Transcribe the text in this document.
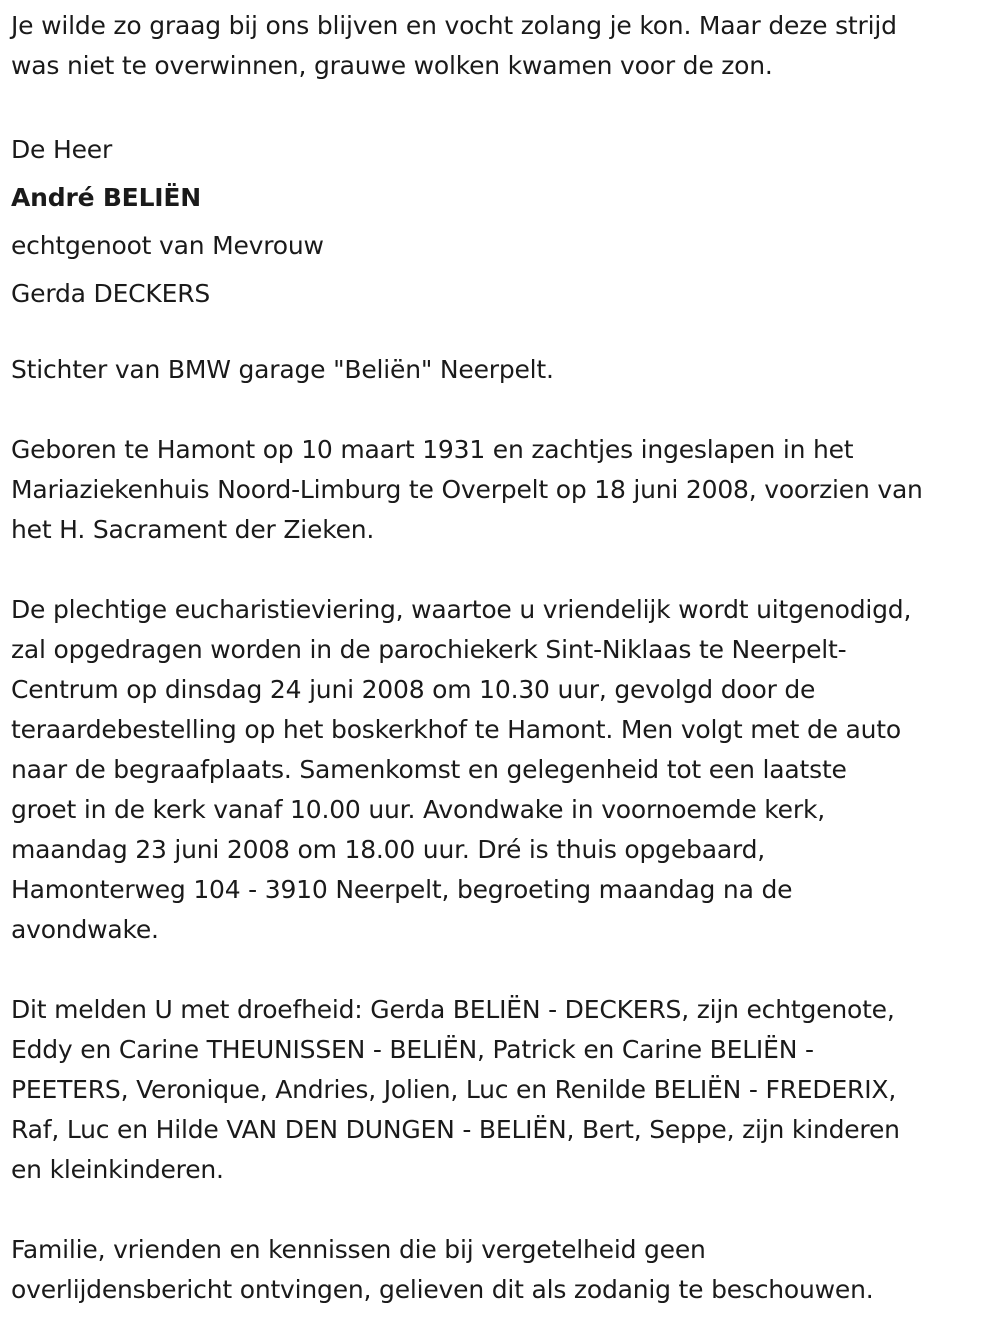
Je wilde zo graag bij ons blijven en vocht zolang je kon. Maar deze strijd

was niet te overwinnen, grauwe wolken kwamen voor de zon.

De Heer

André BELIËN

echtgenoot van Mevrouw

Gerda DECKERS

Stichter van BMW garage "Beliën" Neerpelt.

Geboren te Hamont op 10 maart 1931 en zachtjes ingeslapen in het

Mariaziekenhuis Noord-Limburg te Overpelt op 18 juni 2008, voorzien van

het H. Sacrament der Zieken.

De plechtige eucharistieviering, waartoe u vriendelijk wordt uitgenodigd,

zal opgedragen worden in de parochiekerk Sint-Niklaas te Neerpelt-

Centrum op dinsdag 24 juni 2008 om 10.30 uur, gevolgd door de

teraardebestelling op het boskerkhof te Hamont. Men volgt met de auto

naar de begraafplaats. Samenkomst en gelegenheid tot een laatste

groet in de kerk vanaf 10.00 uur. Avondwake in voornoemde kerk,

maandag 23 juni 2008 om 18.00 uur. Dré is thuis opgebaard,

Hamonterweg 104 - 3910 Neerpelt, begroeting maandag na de

avondwake.

Dit melden U met droefheid: Gerda BELIËN - DECKERS, zijn echtgenote,

Eddy en Carine THEUNISSEN - BELIËN, Patrick en Carine BELIËN -

PEETERS, Veronique, Andries, Jolien, Luc en Renilde BELIËN - FREDERIX,

Raf, Luc en Hilde VAN DEN DUNGEN - BELIËN, Bert, Seppe, zijn kinderen

en kleinkinderen.

Familie, vrienden en kennissen die bij vergetelheid geen

overlijdensbericht ontvingen, gelieven dit als zodanig te beschouwen.
